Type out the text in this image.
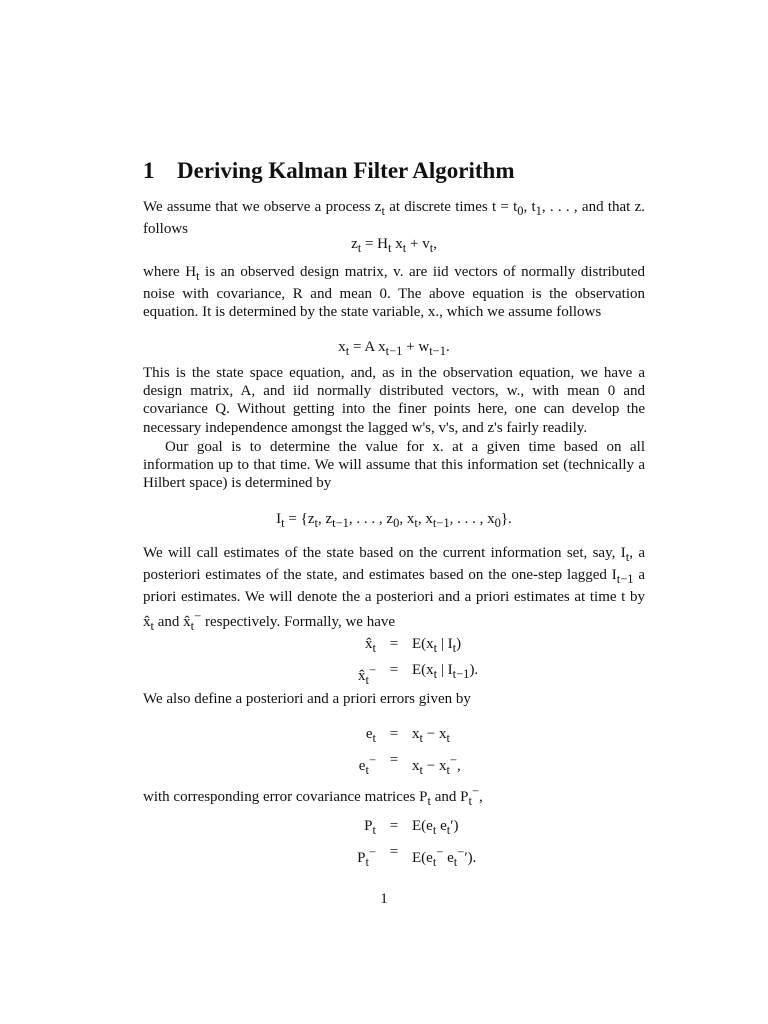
1 Deriving Kalman Filter Algorithm

We assume that we observe a process $z_t$ at discrete times $t = t_0$, $t_1$, . . . , and that z. follows

$z_t = H_t$ $x_t + v_t$,

where $H_t$ is an observed design matrix, v. are iid vectors of normally distributed noise with covariance, R and mean 0. The above equation is the observation equation. It is determined by the state variable, x., which we assume follows

$x_t = A$ $x_{t-1} + w_{t-1}$.

This is the state space equation, and, as in the observation equation, we have a design matrix, A, and iid normally distributed vectors, w., with mean 0 and covariance Q. Without getting into the finer points here, one can develop the necessary independence amongst the lagged w's, v's, and z's fairly readily.

Our goal is to determine the value for x. at a given time based on all information up to that time. We will assume that this information set (technically a Hilbert space) is determined by

$I_t = \{z_t$, $z_{t-1}$, . . . , $z_0$, $x_t$, $x_{t-1}$, . . . , $x_0$}.

We will call estimates of the state based on the current information set, say, $I_t$, a posteriori estimates of the state, and estimates based on the one-step lagged $I_{t-1}$ a priori estimates. We will denote the a posteriori and a priori estimates at time t by $x̂_t$ and $x̂_t^-$ respectively. Formally, we have

$x̂_t = E(x_t$ | $I_t$)
$x̂_t^- = E(x_t$ | $I_{t-1}$).

We also define a posteriori and a priori errors given by

$e_t = x_t - x_t$
$e_t^- = x_t - x_t^-$,

with corresponding error covariance matrices $P_t$ and $P_t^-$,

$P_t = E(e_t$ $e_t'$)
$P_t^- = E(e_t^-$ $e_t^-'$).
1
